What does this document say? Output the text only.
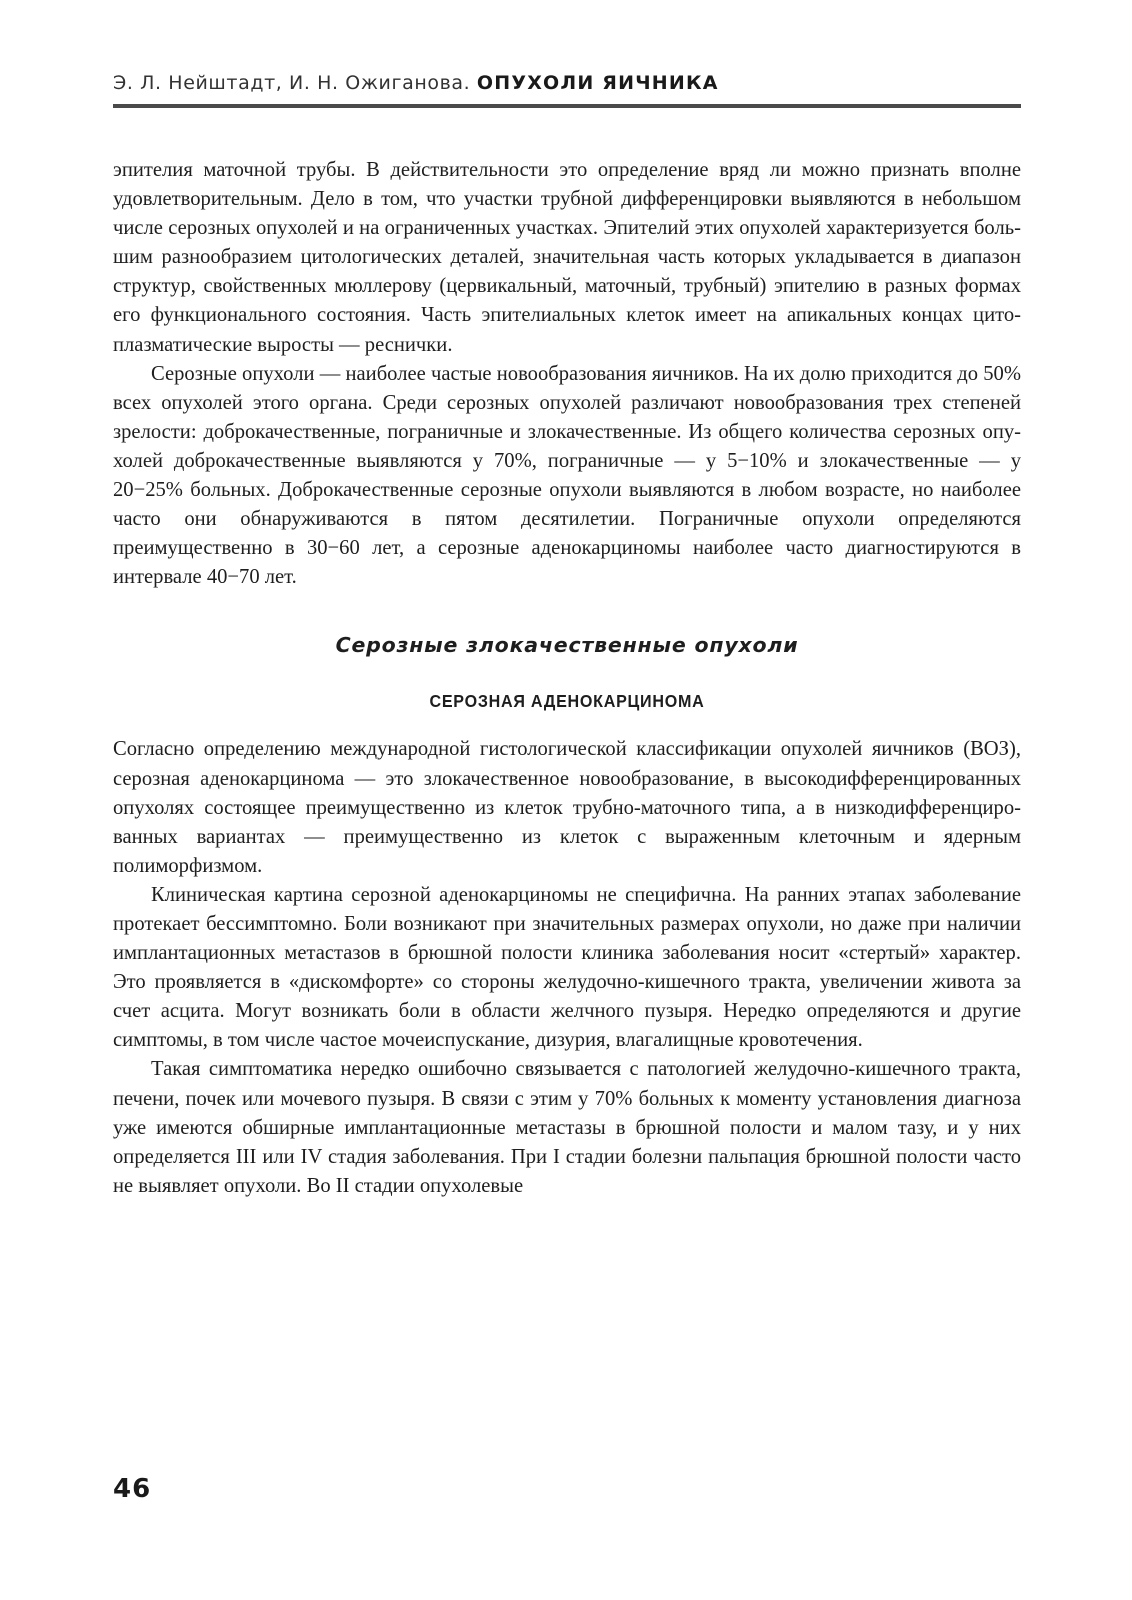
Э. Л. Нейштадт, И. Н. Ожиганова. ОПУХОЛИ ЯИЧНИКА

эпителия маточной трубы. В действительности это определение вряд ли можно признать вполне удовлетворительным. Дело в том, что участки трубной дифференцировки выявляются в небольшом числе серозных опухолей и на ограниченных участках. Эпителий этих опухолей характеризуется большим разнообразием цитологических деталей, значительная часть которых укладывается в диапазон структур, свойственных мюллерову (цервикальный, маточный, трубный) эпителию в разных формах его функционального состояния. Часть эпителиальных клеток имеет на апикальных концах цитоплазматические выросты — реснички.

Серозные опухоли — наиболее частые новообразования яичников. На их долю приходится до 50% всех опухолей этого органа. Среди серозных опухолей различают новообразования трех степеней зрелости: доброкачественные, пограничные и злокачественные. Из общего количества серозных опухолей доброкачественные выявляются у 70%, пограничные — у 5−10% и злокачественные — у 20−25% больных. Доброкачественные серозные опухоли выявляются в любом возрасте, но наиболее часто они обнаруживаются в пятом десятилетии. Пограничные опухоли определяются преимущественно в 30−60 лет, а серозные аденокарциномы наиболее часто диагностируются в интервале 40−70 лет.

Серозные злокачественные опухоли
СЕРОЗНАЯ АДЕНОКАРЦИНОМА

Согласно определению международной гистологической классификации опухолей яичников (ВОЗ), серозная аденокарцинома — это злокачественное новообразование, в высокодифференцированных опухолях состоящее преимущественно из клеток трубно-маточного типа, а в низкодифференцированных вариантах — преимущественно из клеток с выраженным клеточным и ядерным полиморфизмом.

Клиническая картина серозной аденокарциномы не специфична. На ранних этапах заболевание протекает бессимптомно. Боли возникают при значительных размерах опухоли, но даже при наличии имплантационных метастазов в брюшной полости клиника заболевания носит «стертый» характер. Это проявляется в «дискомфорте» со стороны желудочно-кишечного тракта, увеличении живота за счет асцита. Могут возникать боли в области желчного пузыря. Нередко определяются и другие симптомы, в том числе частое мочеиспускание, дизурия, влагалищные кровотечения.

Такая симптоматика нередко ошибочно связывается с патологией желудочно-кишечного тракта, печени, почек или мочевого пузыря. В связи с этим у 70% больных к моменту установления диагноза уже имеются обширные имплантационные метастазы в брюшной полости и малом тазу, и у них определяется III или IV стадия заболевания. При I стадии болезни пальпация брюшной полости часто не выявляет опухоли. Во II стадии опухолевые

46
